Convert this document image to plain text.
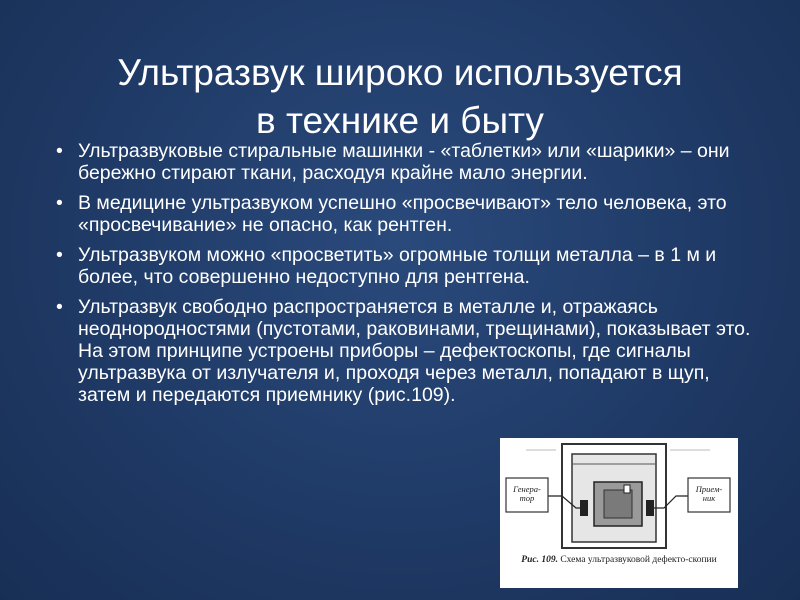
Ультразвук широко используется
в технике и быту
• Ультразвуковые стиральные машинки - «таблетки» или «шарики» – они бережно стирают ткани, расходуя крайне мало энергии.
• В медицине ультразвуком успешно «просвечивают» тело человека, это «просвечивание» не опасно, как рентген.
• Ультразвуком можно «просветить» огромные толщи металла – в 1 м и более, что совершенно недоступно для рентгена.
• Ультразвук свободно распространяется в металле и, отражаясь неоднородностями (пустотами, раковинами, трещинами), показывает это. На этом принципе устроены приборы – дефектоскопы, где сигналы ультразвука от излучателя и, проходя через металл, попадают в щуп, затем и передаются приемнику (рис.109).
Генера-тор
Прием-ник
Рис. 109. Схема ультразвуковой дефекто-скопии
